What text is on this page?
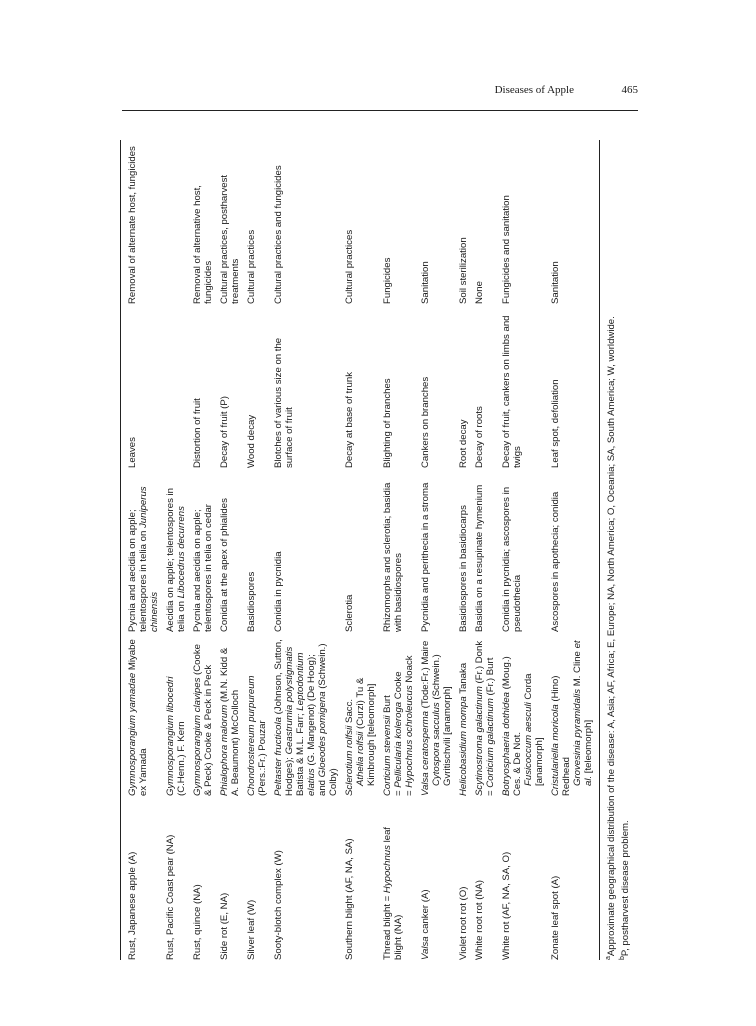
Diseases of Apple	465

Rust, Japanese apple (A)	Gymnosporangium yamadae Miyabe ex Yamada	Pycnia and aecidia on apple; telentospores in telia on Juniperus chinensis	Leaves	Removal of alternate host, fungicides
Rust, Pacific Coast pear (NA)	Gymnosporangium libocedri (C.Henn.) F. Kern	Aecidia on apple; telentospores in telia on Libocedrus decurrens		
Rust, quince (NA)	Gymnosporangium clavipes (Cooke & Peck) Cooke & Peck in Peck	Pycnia and aecidia on apple; telentospores in telia on cedar	Distortion of fruit	Removal of alternative host, fungicides
Side rot (E, NA)	Phialophora malorum (M.N. Kidd & A. Beaumont) McColloch	Conidia at the apex of phialides	Decay of fruit (P)	Cultural practices, postharvest treatments
Silver leaf (W)	Chondrostereum purpureum (Pers.:Fr.) Pouzar	Basidiospores	Wood decay	Cultural practices
Sooty-blotch complex (W)	Peltaster fructicola (Johnson, Sutton, Hodges); Geastrumia polystigmatis Batista & M.L. Farr; Leptodontium elatius (G. Mangenot) (De Hoog); and Gloeodes pomigena (Schwein.) Colby)	Conidia in pycnidia	Blotches of various size on the surface of fruit	Cultural practices and fungicides
Southern blight (AF, NA, SA)	Sclerotium rolfsii Sacc.
Athelia rolfsii (Curzi) Tu & Kimbrough [teleomorph]	Sclerotia	Decay at base of trunk	Cultural practices
Thread blight = Hypochnus leaf blight (NA)	Corticium stevensii Burt
= Pellicularia koleroga Cooke
= Hypochnus ochroleucus Noack	Rhizomorphs and sclerotia; basidia with basidiospores	Blighting of branches	Fungicides
Valsa canker (A)	Valsa ceratosperma (Tode:Fr.) Maire
Cytospora sacculus (Schwein.) Gvritischvili [anamorph]	Pycnidia and perithecia in a stroma	Cankers on branches	Sanitation
Violet root rot (O)	Helicobasidium mompa Tanaka	Basidiospores in basidiocarps	Root decay	Soil sterilization
White root rot (NA)	Scytinostroma galactinum (Fr.) Donk
= Corticium galactinum (Fr.) Burt	Basidia on a resupinate hymenium	Decay of roots	None
White rot (AF, NA, SA, O)	Botryosphaeria dothidea (Moug.) Ces. & De Not. Fusicoccum aesculi Corda [anamorph]	Conidia in pycnidia; ascospores in pseudothecia	Decay of fruit, cankers on limbs and twigs	Fungicides and sanitation
Zonate leaf spot (A)	Cristulariella moricola (Hino) Redhead Grovesinia pyramidalis M. Cline et al. [teleomorph]	Ascospores in apothecia; conidia	Leaf spot, defoliation	Sanitation
$^a$Approximate geographical distribution of the disease: A, Asia; AF, Africa; E, Europe; NA, North America; O, Oceania; SA, South America; W, worldwide.
$^b$P, postharvest disease problem.
